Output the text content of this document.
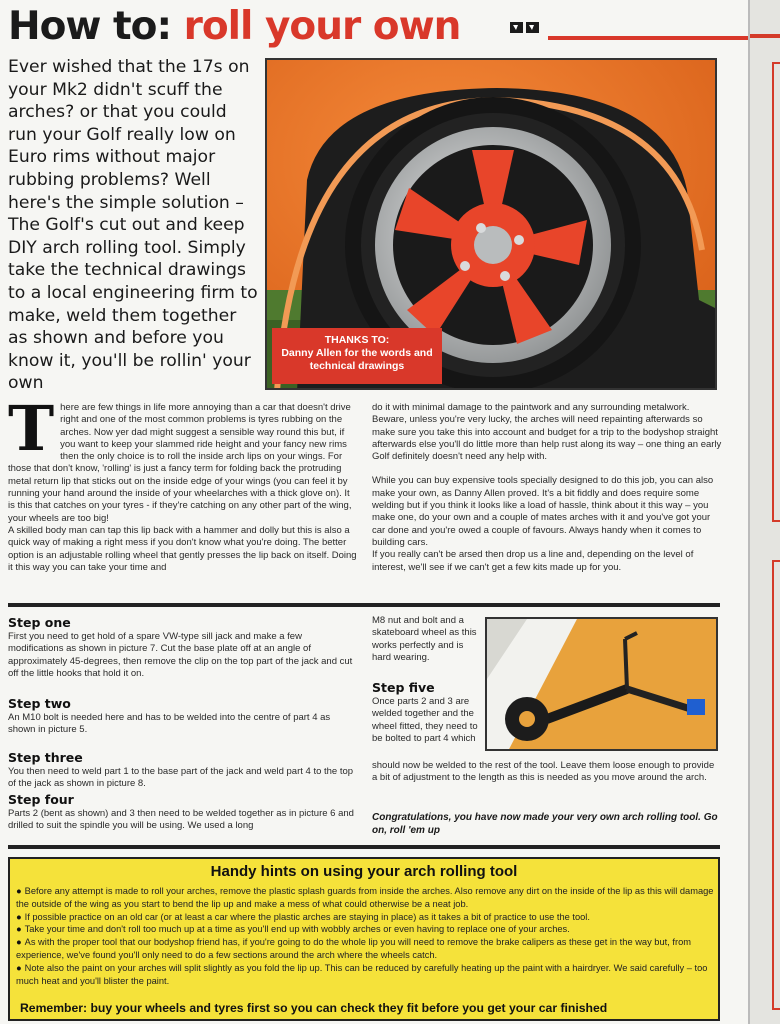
How to: roll your own
Ever wished that the 17s on your Mk2 didn't scuff the arches? or that you could run your Golf really low on Euro rims without major rubbing problems? Well here's the simple solution – The Golf's cut out and keep DIY arch rolling tool. Simply take the technical drawings to a local engineering firm to make, weld them together as shown and before you know it, you'll be rollin' your own
THANKS TO:
Danny Allen for the words and technical drawings
T here are few things in life more annoying than a car that doesn't drive right and one of the most common problems is tyres rubbing on the arches. Now yer dad might suggest a sensible way round this but, if you want to keep your slammed ride height and your fancy new rims then the only choice is to roll the inside arch lips on your wings. For those that don't know, 'rolling' is just a fancy term for folding back the protruding metal return lip that sticks out on the inside edge of your wings (you can feel it by running your hand around the inside of your wheelarches with a thick glove on). It is this that catches on your tyres - if they're catching on any other part of the wing, your wheels are too big!

A skilled body man can tap this lip back with a hammer and dolly but this is also a quick way of making a right mess if you don't know what you're doing. The better option is an adjustable rolling wheel that gently presses the lip back on itself. Doing it this way you can take your time and

do it with minimal damage to the paintwork and any surrounding metalwork. Beware, unless you're very lucky, the arches will need repainting afterwards so make sure you take this into account and budget for a trip to the bodyshop straight afterwards else you'll do little more than help rust along its way – one thing an early Golf definitely doesn't need any help with.

While you can buy expensive tools specially designed to do this job, you can also make your own, as Danny Allen proved. It's a bit fiddly and does require some welding but if you think it looks like a load of hassle, think about it this way – you make one, do your own and a couple of mates arches with it and you've got your car done and you're owed a couple of favours. Always handy when it comes to building cars.

If you really can't be arsed then drop us a line and, depending on the level of interest, we'll see if we can't get a few kits made up for you.

Step one
First you need to get hold of a spare VW-type sill jack and make a few modifications as shown in picture 7. Cut the base plate off at an angle of approximately 45-degrees, then remove the clip on the top part of the jack and cut off the little hooks that hold it on.
Step two
An M10 bolt is needed here and has to be welded into the centre of part 4 as shown in picture 5.
Step three
You then need to weld part 1 to the base part of the jack and weld part 4 to the top of the jack as shown in picture 8.
Step four
Parts 2 (bent as shown) and 3 then need to be welded together as in picture 6 and drilled to suit the spindle you will be using. We used a long
M8 nut and bolt and a skateboard wheel as this works perfectly and is hard wearing.
Step five
Once parts 2 and 3 are welded together and the wheel fitted, they need to be bolted to part 4 which
should now be welded to the rest of the tool. Leave them loose enough to provide a bit of adjustment to the length as this is needed as you move around the arch.
Congratulations, you have now made your very own arch rolling tool. Go on, roll 'em up
Handy hints on using your arch rolling tool
● Before any attempt is made to roll your arches, remove the plastic splash guards from inside the arches. Also remove any dirt on the inside of the lip as this will damage the outside of the wing as you start to bend the lip up and make a mess of what could otherwise be a neat job.
● If possible practice on an old car (or at least a car where the plastic arches are staying in place) as it takes a bit of practice to use the tool.
● Take your time and don't roll too much up at a time as you'll end up with wobbly arches or even having to replace one of your arches.
● As with the proper tool that our bodyshop friend has, if you're going to do the whole lip you will need to remove the brake calipers as these get in the way but, from experience, we've found you'll only need to do a few sections around the arch where the wheels catch.
● Note also the paint on your arches will split slightly as you fold the lip up. This can be reduced by carefully heating up the paint with a hairdryer. We said carefully – too much heat and you'll blister the paint.
Remember: buy your wheels and tyres first so you can check they fit before you get your car finished
